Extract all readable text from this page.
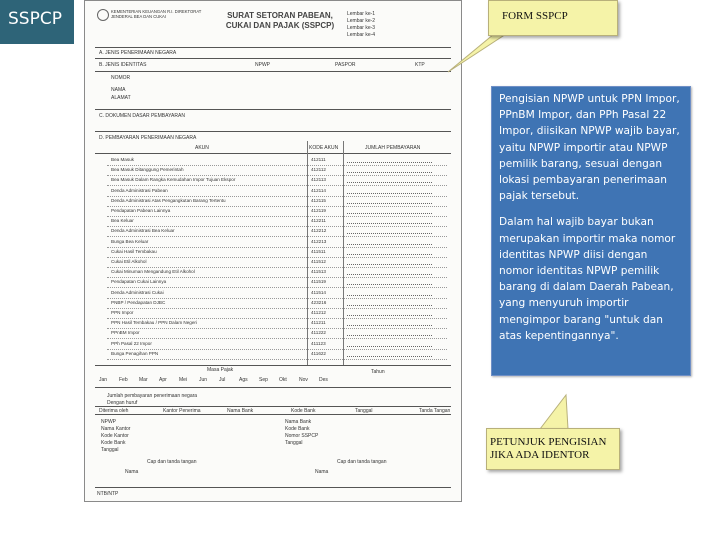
SSPCP	KEMENTERIAN KEUANGAN R.I. DIREKTORAT JENDERAL BEA DAN CUKAI	SURAT SETORAN PABEAN, CUKAI DAN PAJAK (SSPCP)
Lembar ke-1
Lembar ke-2
Lembar ke-3
Lembar ke-4
A. JENIS PENERIMAAN NEGARA
B. JENIS IDENTITAS	NPWP	PASPOR	KTP
NOMOR
NAMA
ALAMAT
C. DOKUMEN DASAR PEMBAYARAN
D. PEMBAYARAN PENERIMAAN NEGARA
AKUN	KODE AKUN	JUMLAH PEMBAYARAN
Bea Masuk	412111
Bea Masuk Ditanggung Pemerintah	412112
Bea Masuk Dalam Rangka Kemudahan Impor Tujuan Ekspor	412113
Denda Administrasi Pabean	412114
Denda Administrasi Atas Pengangkutan Barang Tertentu	412115
Pendapatan Pabean Lainnya	412119
Bea Keluar	412211
Denda Administrasi Bea Keluar	412212
Bunga Bea Keluar	412213
Cukai Hasil Tembakau	411511
Cukai Etil Alkohol	411512
Cukai Minuman Mengandung Etil Alkohol	411513
Pendapatan Cukai Lainnya	411519
Denda Administrasi Cukai	411514
PNBP / Pendapatan DJBC	423216
PPN Impor	411212
PPN Hasil Tembakau / PPN Dalam Negeri	411211
PPnBM Impor	411222
PPh Pasal 22 Impor	411123
Bunga Penagihan PPN	411622
Masa Pajak	Tahun
Jan Feb Mar Apr Mei Jun Jul	Ags Sep Okt Nov Des
Jumlah pembayaran penerimaan negara
Dengan huruf
Diterima oleh	Kantor Penerima	Nama Bank	Kode Bank	Tanggal	Tanda Tangan
NPWP
Nama Kantor
Kode Kantor
Kode Bank
Tanggal
Nama Bank
Kode Bank
Nomor SSPCP
Tanggal
Cap dan tanda tangan	Cap dan tanda tangan
Nama	Nama
NTB/NTP
FORM SSPCP

Pengisian NPWP untuk PPN Impor, PPnBM Impor, dan PPh Pasal 22 Impor, diisikan NPWP wajib bayar, yaitu NPWP importir atau NPWP pemilik barang, sesuai dengan lokasi pembayaran penerimaan pajak tersebut.

Dalam hal wajib bayar bukan merupakan importir maka nomor identitas NPWP diisi dengan nomor identitas NPWP pemilik barang di dalam Daerah Pabean, yang menyuruh importir mengimpor barang "untuk dan atas kepentingannya".

PETUNJUK PENGISIAN JIKA ADA IDENTOR
